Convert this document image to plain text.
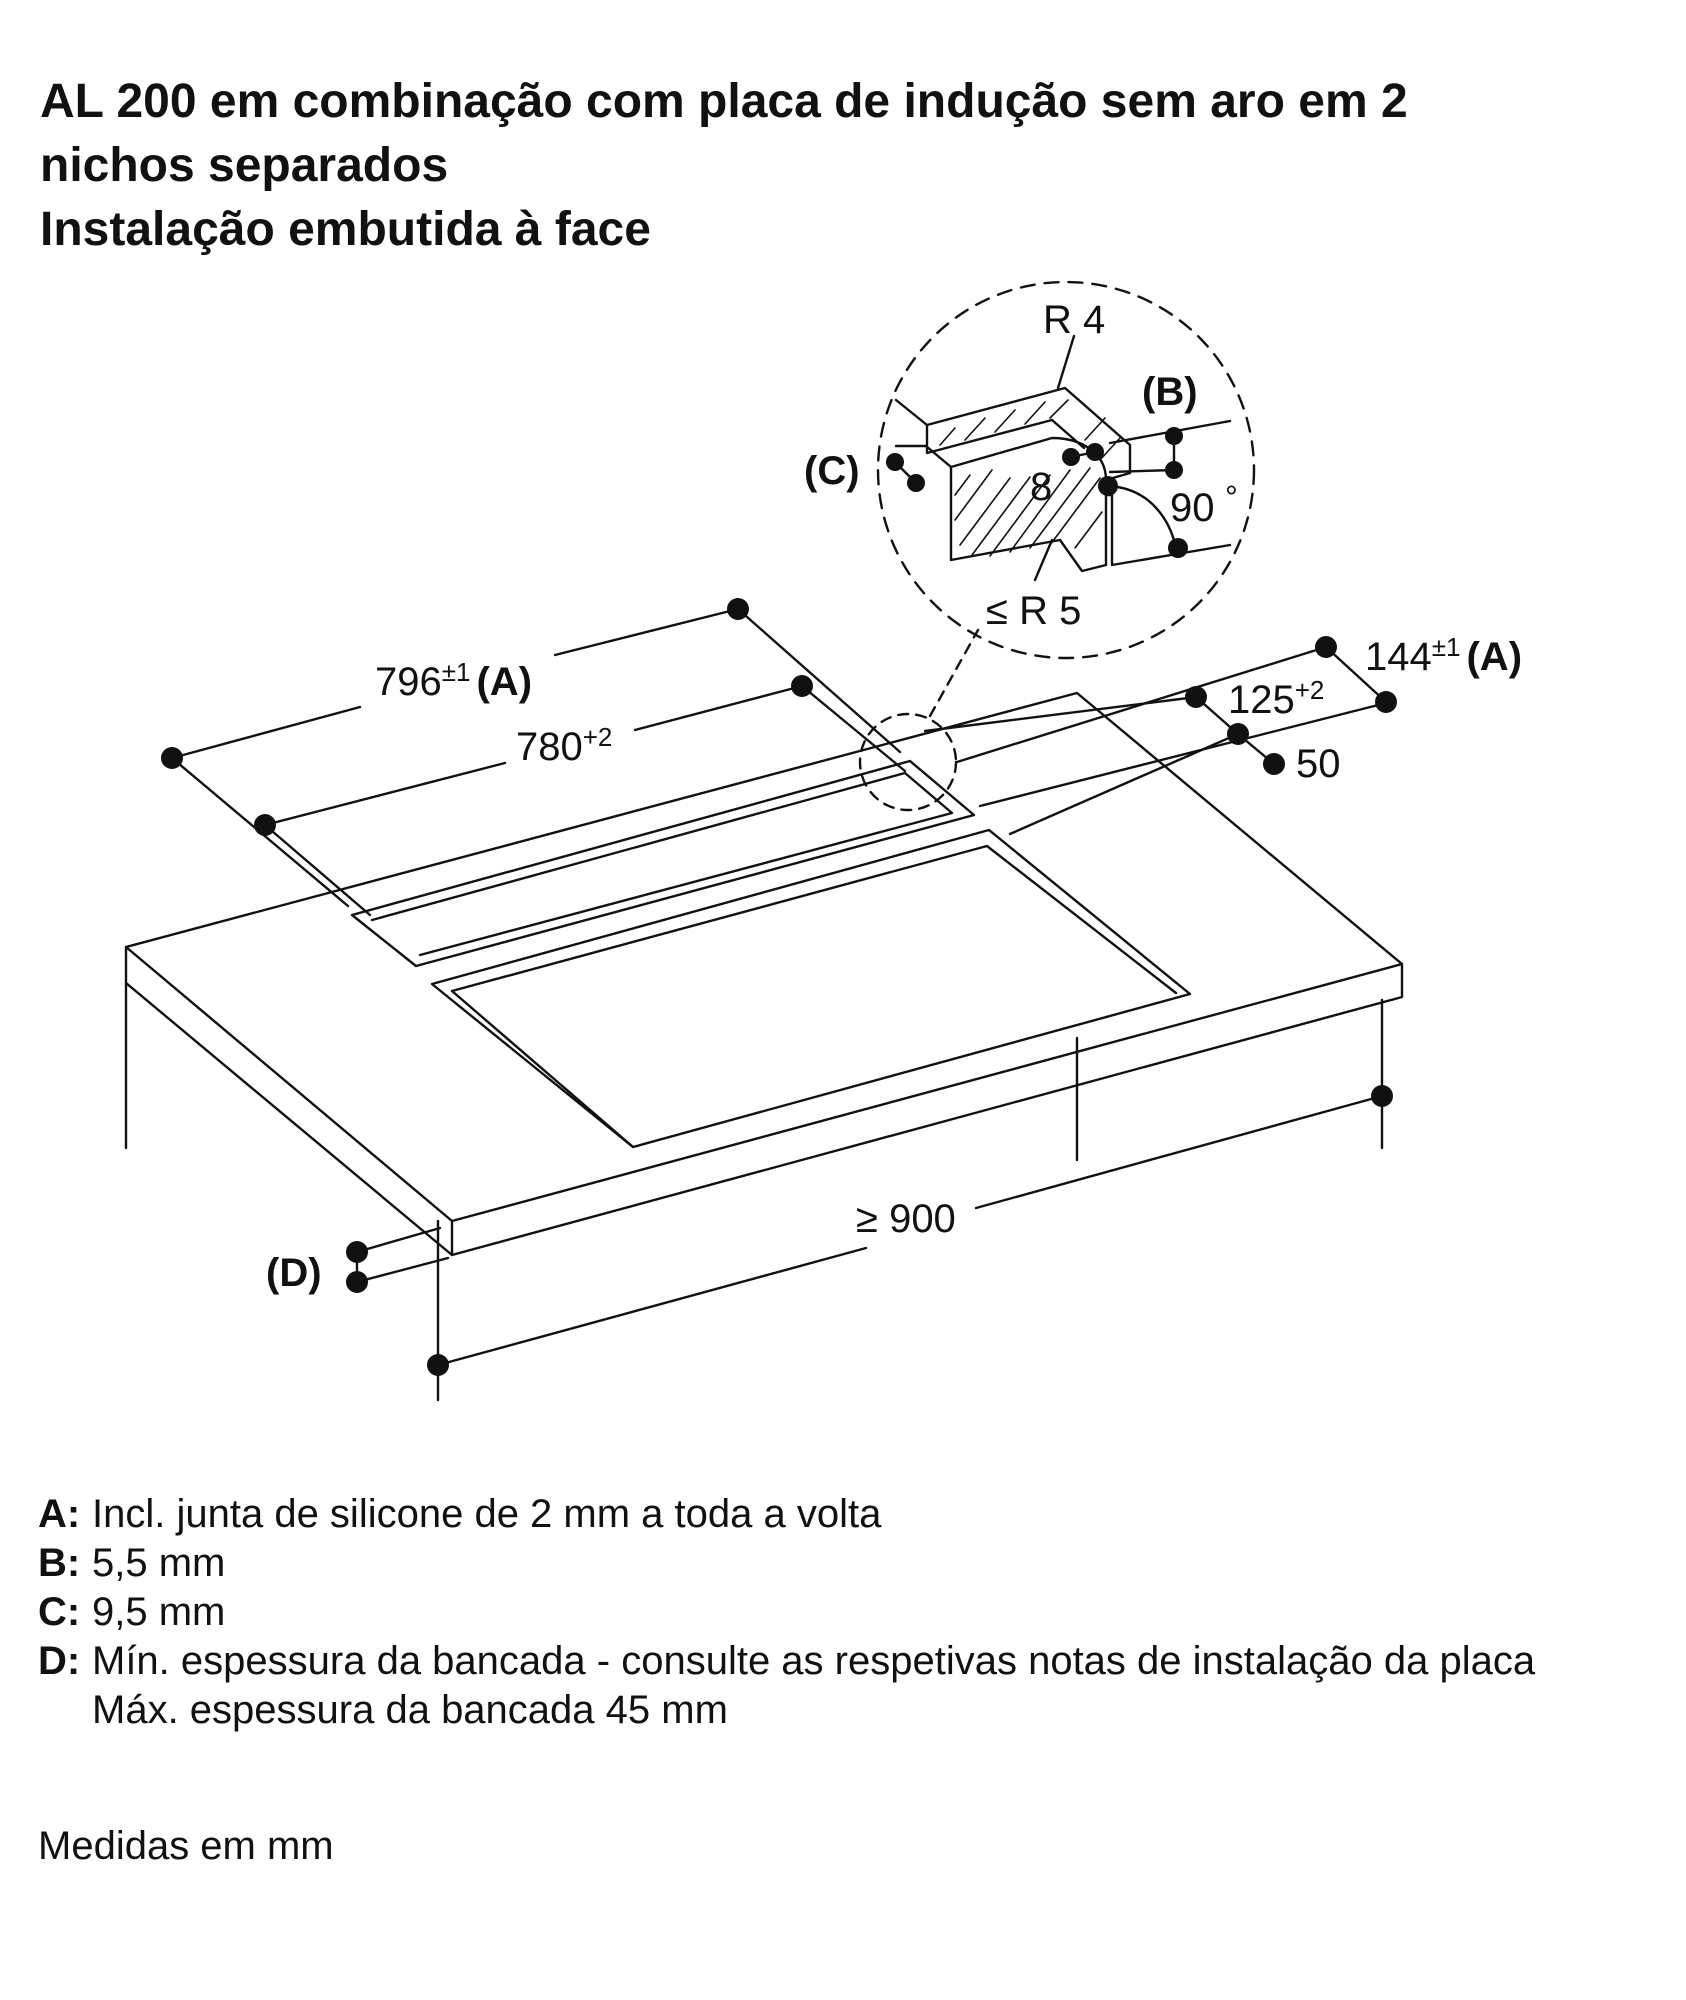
AL 200 em combinação com placa de indução sem aro em 2
nichos separados
Instalação embutida à face
R 4
(B)
(C)	8	90 °
≤ R 5
$796^{\pm 1}$ (A)
$780^{+2}$
$144^{\pm 1}$ (A)
$125^{+2}$
50
≥ 900
(D)
A: Incl. junta de silicone de 2 mm a toda a volta
B: 5,5 mm
C: 9,5 mm
D: Mín. espessura da bancada - consulte as respetivas notas de instalação da placa
Máx. espessura da bancada 45 mm
Medidas em mm
